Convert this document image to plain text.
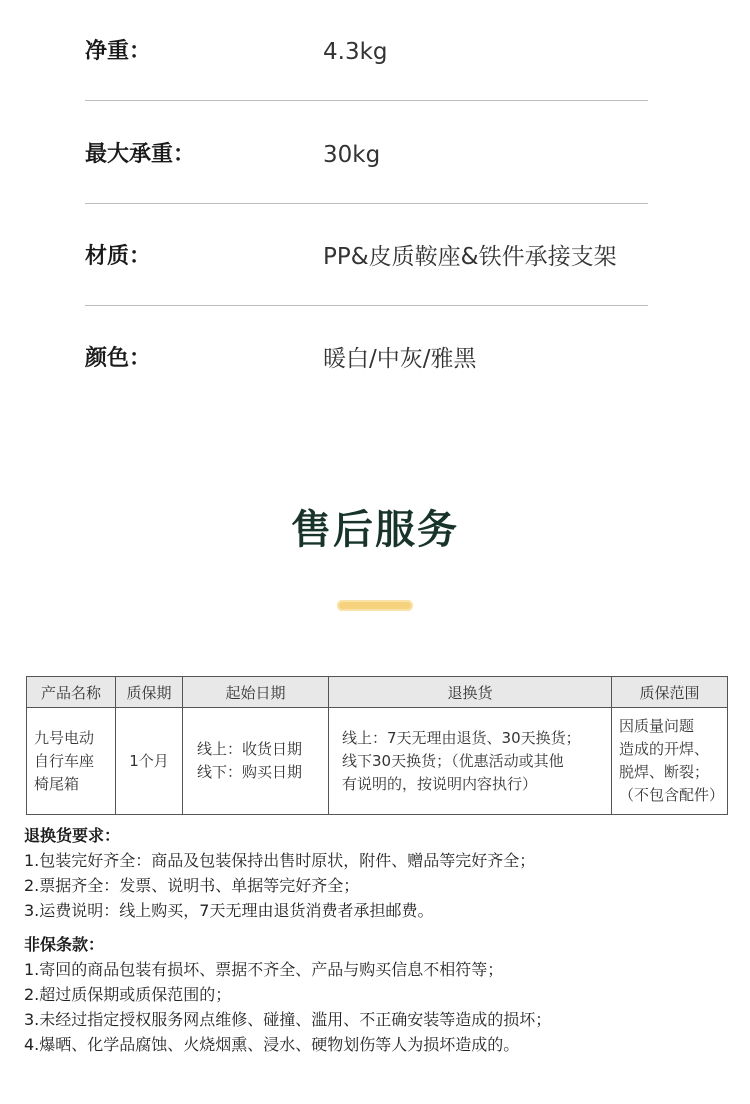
净重：	4.3kg
最大承重：	30kg
材质：	PP&皮质鞍座&铁件承接支架
颜色：	暖白/中灰/雅黑
售后服务
产品名称	质保期	起始日期	退换货	质保范围

九号电动
自行车座
椅尾箱	1个月	线上：收货日期
线下：购买日期	线上：7天无理由退货、30天换货；
线下30天换货；（优惠活动或其他
有说明的，按说明内容执行）	因质量问题
造成的开焊、
脱焊、断裂；
（不包含配件）
退换货要求：
1.包装完好齐全：商品及包装保持出售时原状，附件、赠品等完好齐全；
2.票据齐全：发票、说明书、单据等完好齐全；
3.运费说明：线上购买，7天无理由退货消费者承担邮费。
非保条款：
1.寄回的商品包装有损坏、票据不齐全、产品与购买信息不相符等；
2.超过质保期或质保范围的；
3.未经过指定授权服务网点维修、碰撞、滥用、不正确安装等造成的损坏；
4.爆晒、化学品腐蚀、火烧烟熏、浸水、硬物划伤等人为损坏造成的。
